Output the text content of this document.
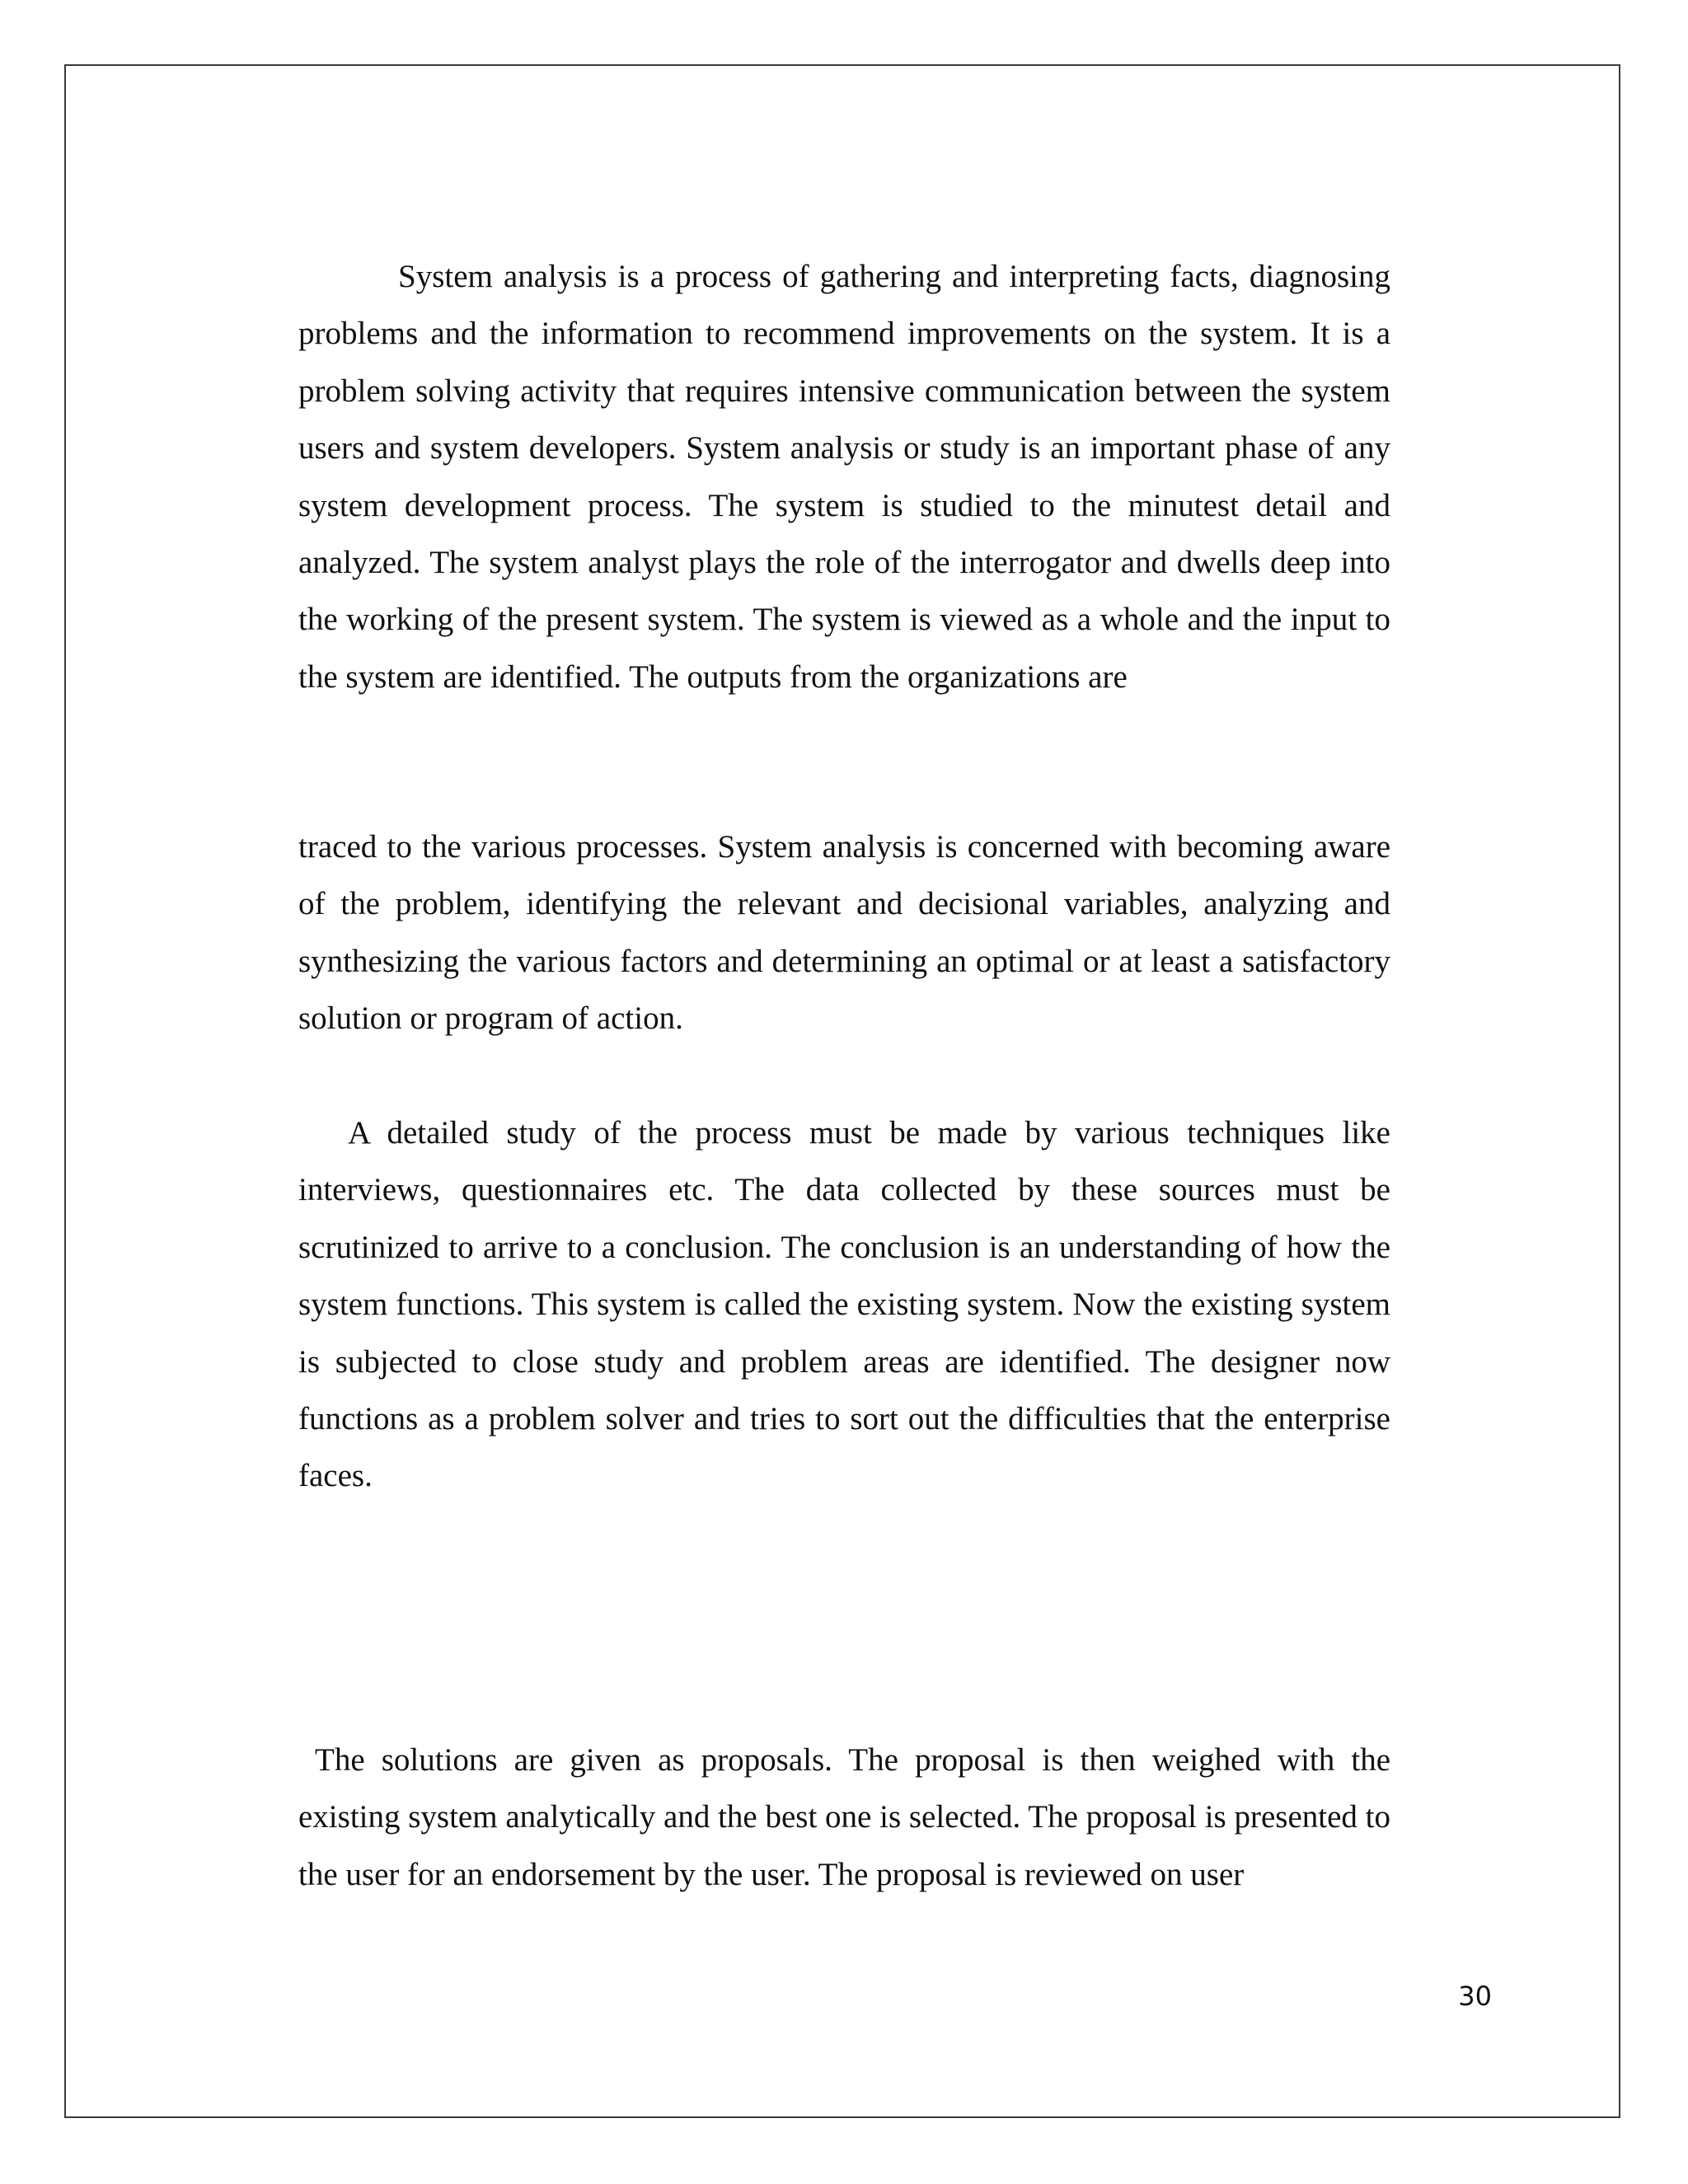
System analysis is a process of gathering and interpreting facts, diagnosing problems and the information to recommend improvements on the system. It is a problem solving activity that requires intensive communication between the system users and system developers. System analysis or study is an important phase of any system development process. The system is studied to the minutest detail and analyzed. The system analyst plays the role of the interrogator and dwells deep into the working of the present system. The system is viewed as a whole and the input to the system are identified. The outputs from the organizations are

traced to the various processes. System analysis is concerned with becoming aware of the problem, identifying the relevant and decisional variables, analyzing and synthesizing the various factors and determining an optimal or at least a satisfactory solution or program of action.

A detailed study of the process must be made by various techniques like interviews, questionnaires etc. The data collected by these sources must be scrutinized to arrive to a conclusion. The conclusion is an understanding of how the system functions. This system is called the existing system. Now the existing system is subjected to close study and problem areas are identified. The designer now functions as a problem solver and tries to sort out the difficulties that the enterprise faces.

The solutions are given as proposals. The proposal is then weighed with the existing system analytically and the best one is selected. The proposal is presented to the user for an endorsement by the user. The proposal is reviewed on user

30
